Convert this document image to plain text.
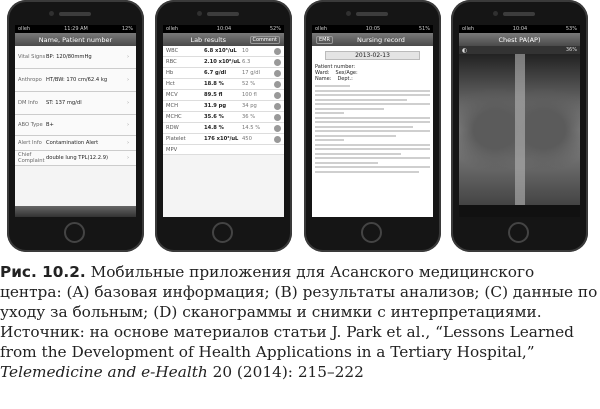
olleh	11:29 AM	12%
Name, Patient number
Vital Signs BP: 120/80mmHg	›
Anthropo HT/BW: 170 cm/62.4 kg	›
DM Info	ST: 137 mg/dl	›
ABO Type B+	›
Alert Info Contamination Alert	›
Chief Complaint double lung TPL(12.2.9)	›
olleh	10:04	52%
Lab results	Comment
WBC	6.8 x10³/uL	10
RBC	2.10 x10⁶/uL 6.3
Hb	6.7 g/dl	17 g/dl
Hct	18.8 %	52 %
MCV	89.5 fl	100 fl
MCH	31.9 pg	34 pg
MCHC	35.6 %	36 %
RDW	14.8 %	14.5 %
Platelet	176 x10³/uL 450
MPV
olleh	10:05	51%
EMR	Nursing record
2013-02-13
Patient number:
Ward: Sex/Age:
Name: Dept.:
olleh	10:04	53%
Chest PA(AP)
◐	36%

Рис. 10.2. Мобильные приложения для Асанского медицинского центра: (A) базовая информация; (B) результаты анализов; (C) данные по уходу за больным; (D) сканограммы и снимки с интерпретациями. Источник: на основе материалов статьи J. Park et al., “Lessons Learned from the Development of Health Applications in a Tertiary Hospital,” Telemedicine and e-Health 20 (2014): 215–222
